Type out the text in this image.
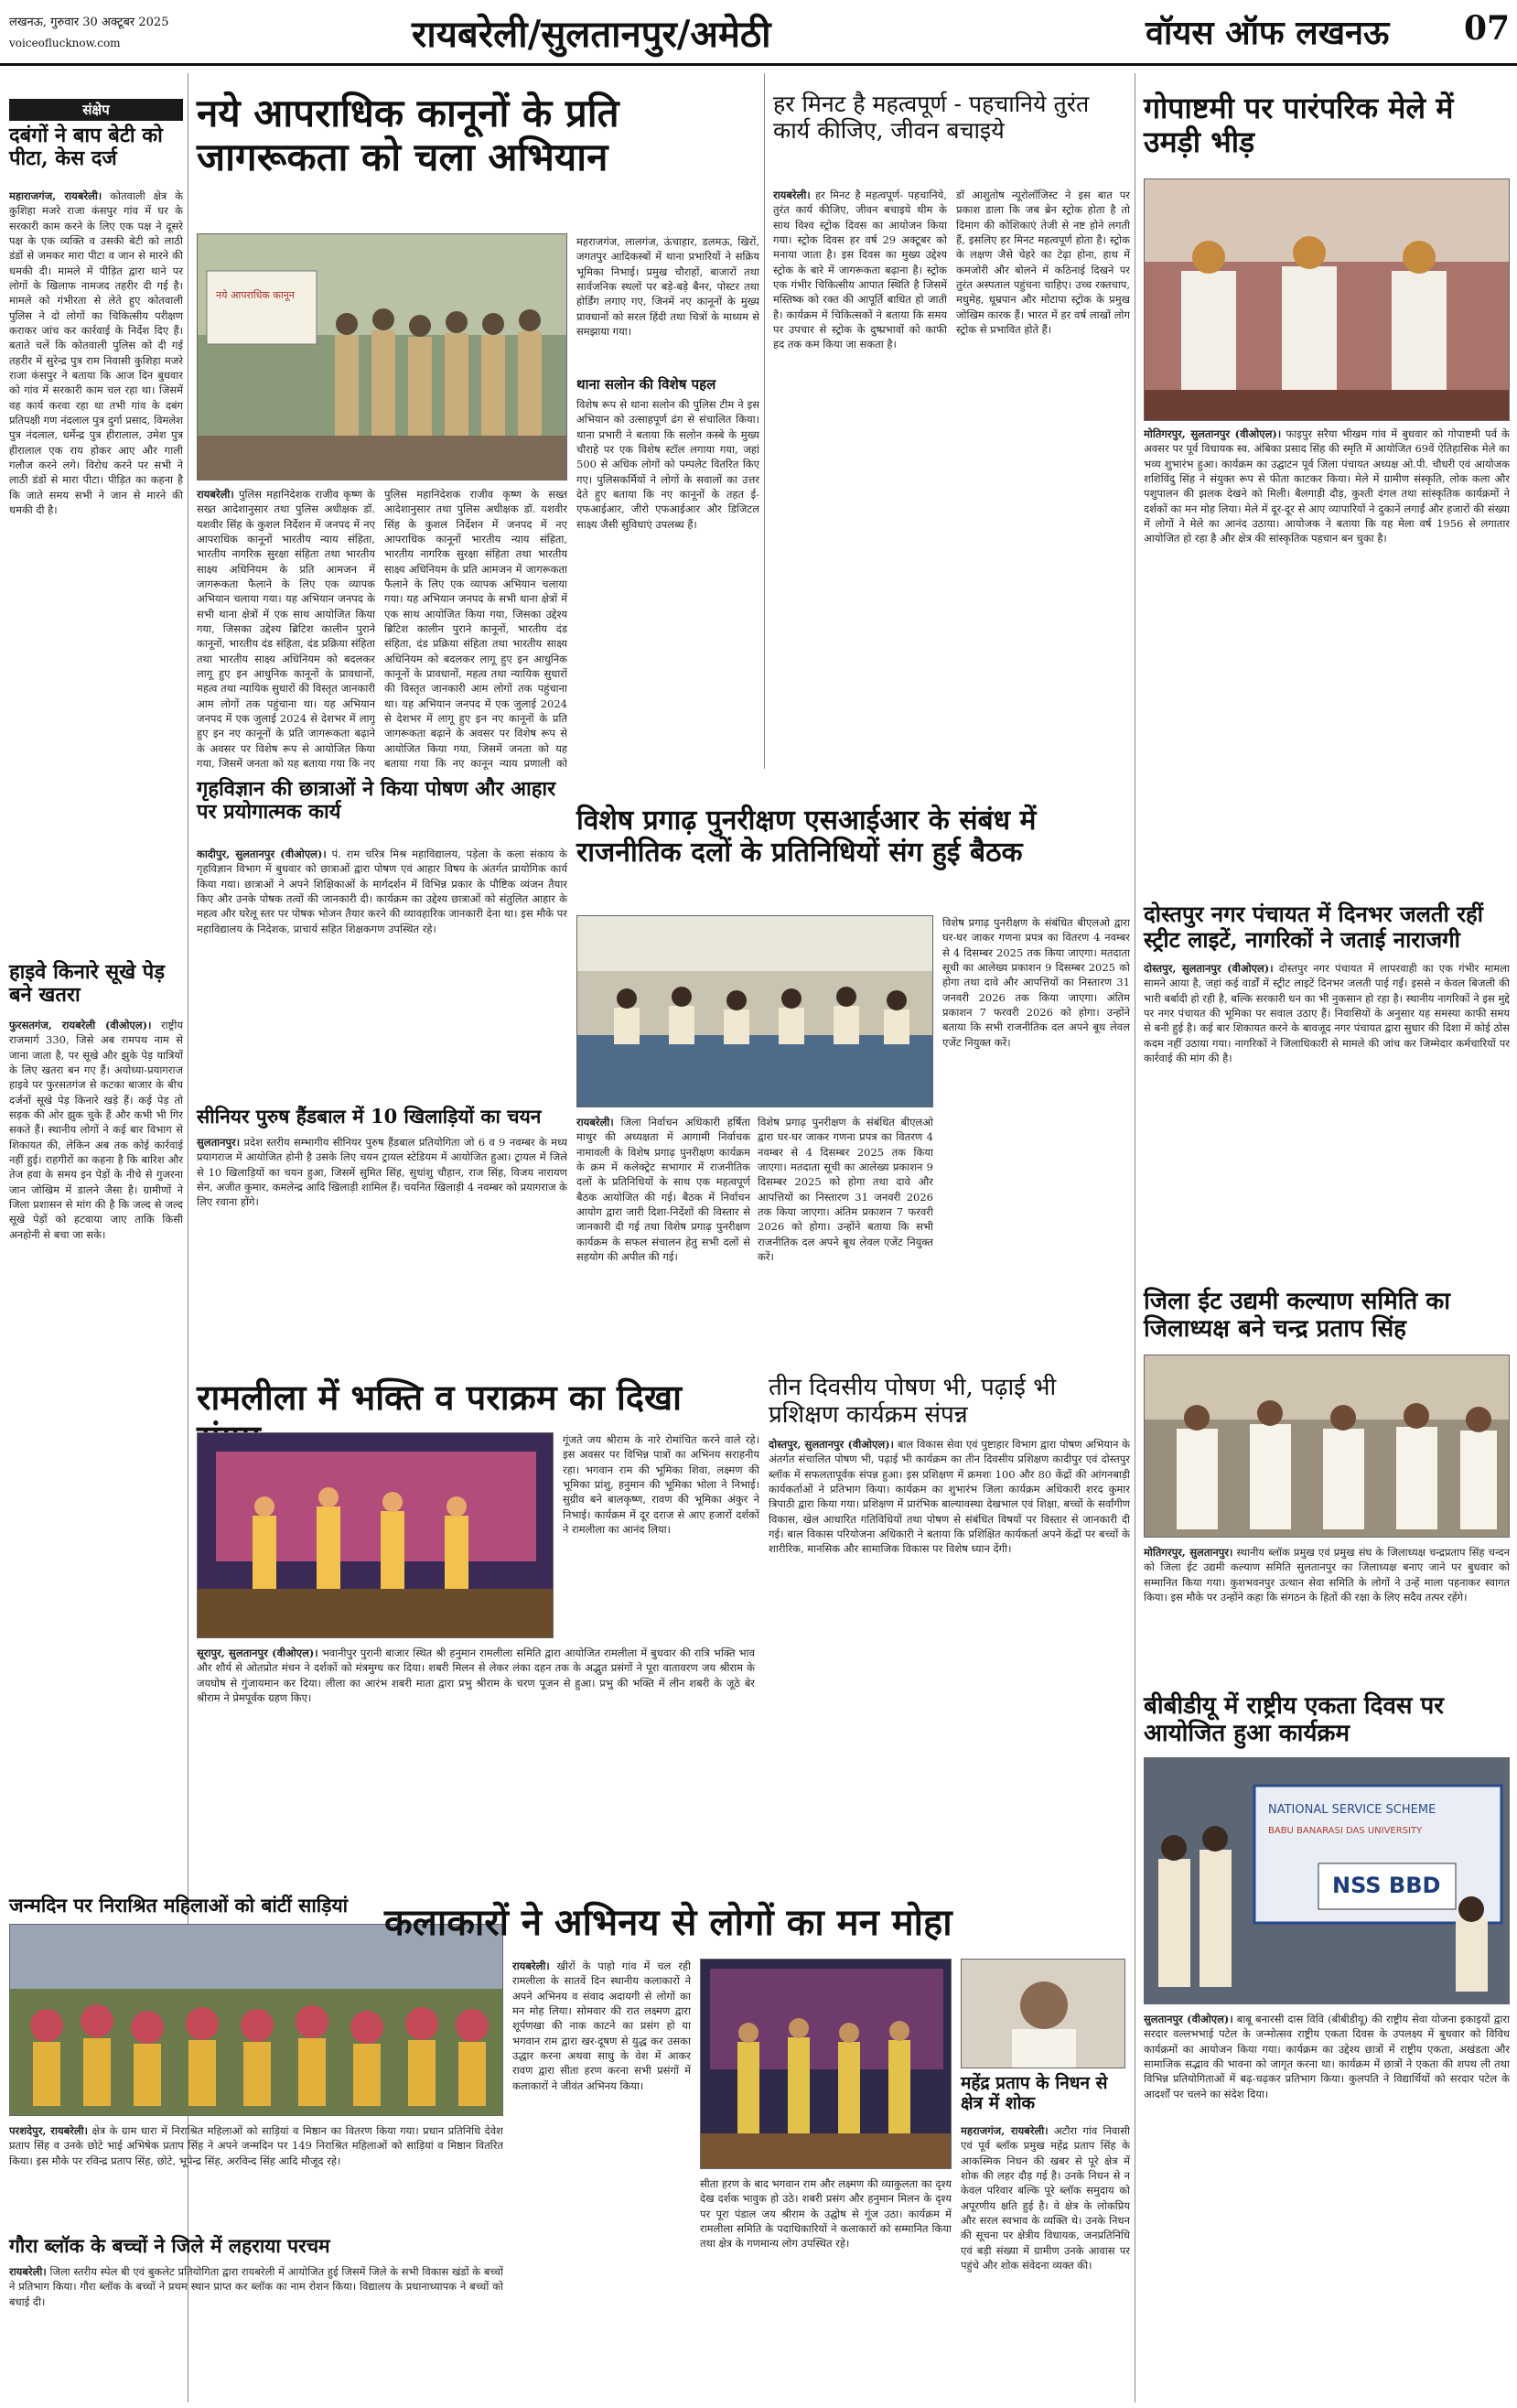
लखनऊ, गुरुवार 30 अक्टूबर 2025
voiceoflucknow.com	रायबरेली/सुलतानपुर/अमेठी	वॉयस ऑफ लखनऊ 07
संक्षेप
दबंगों ने बाप बेटी को पीटा, केस दर्ज
महाराजगंज, रायबरेली। कोतवाली क्षेत्र के कुशिहा मजरे राजा कंसपुर गांव में घर के सरकारी काम करने के लिए एक पक्ष ने दूसरे पक्ष के एक व्यक्ति व उसकी बेटी को लाठी डंडों से जमकर मारा पीटा व जान से मारने की धमकी दी। मामले में पीड़ित द्वारा थाने पर लोगों के खिलाफ नामजद तहरीर दी गई है। मामले को गंभीरता से लेते हुए कोतवाली पुलिस ने दो लोगों का चिकित्सीय परीक्षण कराकर जांच कर कार्रवाई के निर्देश दिए हैं। बताते चलें कि कोतवाली पुलिस को दी गई तहरीर में सुरेन्द्र पुत्र राम निवासी कुशिहा मजरे राजा कंसपुर ने बताया कि आज दिन बुधवार को गांव में सरकारी काम चल रहा था। जिसमें वह कार्य करवा रहा था तभी गांव के दबंग प्रतिपक्षी गण नंदलाल पुत्र दुर्गा प्रसाद, विमलेश पुत्र नंदलाल, धर्मेन्द्र पुत्र हीरालाल, उमेश पुत्र हीरालाल एक राय होकर आए और गाली गलौज करने लगे। विरोध करने पर सभी ने लाठी डंडों से मारा पीटा। पीड़ित का कहना है कि जाते समय सभी ने जान से मारने की धमकी दी है।
हाइवे किनारे सूखे पेड़ बने खतरा
फुरसतगंज, रायबरेली (वीओएल)। राष्ट्रीय राजमार्ग 330, जिसे अब रामपथ नाम से जाना जाता है, पर सूखे और झुके पेड़ यात्रियों के लिए खतरा बन गए हैं। अयोध्या-प्रयागराज हाइवे पर फुरसतगंज से कटका बाजार के बीच दर्जनों सूखे पेड़ किनारे खड़े हैं। कई पेड़ तो सड़क की ओर झुक चुके हैं और कभी भी गिर सकते हैं। स्थानीय लोगों ने कई बार विभाग से शिकायत की, लेकिन अब तक कोई कार्रवाई नहीं हुई। राहगीरों का कहना है कि बारिश और तेज हवा के समय इन पेड़ों के नीचे से गुजरना जान जोखिम में डालने जैसा है। ग्रामीणों ने जिला प्रशासन से मांग की है कि जल्द से जल्द सूखे पेड़ों को हटवाया जाए ताकि किसी अनहोनी से बचा जा सके।
जन्मदिन पर निराश्रित महिलाओं को बांटीं साड़ियां
परशदेपुर, रायबरेली। क्षेत्र के ग्राम धारा में निराश्रित महिलाओं को साड़ियां व मिष्ठान का वितरण किया गया। प्रधान प्रतिनिधि देवेश प्रताप सिंह व उनके छोटे भाई अभिषेक प्रताप सिंह ने अपने जन्मदिन पर 149 निराश्रित महिलाओं को साड़ियां व मिष्ठान वितरित किया। इस मौके पर रविन्द्र प्रताप सिंह, छोटे, भूपेन्द्र सिंह, अरविन्द सिंह आदि मौजूद रहे।
गौरा ब्लॉक के बच्चों ने जिले में लहराया परचम
रायबरेली। जिला स्तरीय स्पेल बी एवं बुकलेट प्रतियोगिता द्वारा रायबरेली में आयोजित हुई जिसमें जिले के सभी विकास खंडों के बच्चों ने प्रतिभाग किया। गौरा ब्लॉक के बच्चों ने प्रथम स्थान प्राप्त कर ब्लॉक का नाम रोशन किया। विद्यालय के प्रधानाध्यापक ने बच्चों को बधाई दी।
नये आपराधिक कानूनों के प्रति जागरूकता को चला अभियान
नये आपराधिक कानून
रायबरेली। पुलिस महानिदेशक राजीव कृष्ण के सख्त आदेशानुसार तथा पुलिस अधीक्षक डॉ. यशवीर सिंह के कुशल निर्देशन में जनपद में नए आपराधिक कानूनों भारतीय न्याय संहिता, भारतीय नागरिक सुरक्षा संहिता तथा भारतीय साक्ष्य अधिनियम के प्रति आमजन में जागरूकता फैलाने के लिए एक व्यापक अभियान चलाया गया। यह अभियान जनपद के सभी थाना क्षेत्रों में एक साथ आयोजित किया गया, जिसका उद्देश्य ब्रिटिश कालीन पुराने कानूनों, भारतीय दंड संहिता, दंड प्रक्रिया संहिता तथा भारतीय साक्ष्य अधिनियम को बदलकर लागू हुए इन आधुनिक कानूनों के प्रावधानों, महत्व तथा न्यायिक सुधारों की विस्तृत जानकारी आम लोगों तक पहुंचाना था। यह अभियान जनपद में एक जुलाई 2024 से देशभर में लागू हुए इन नए कानूनों के प्रति जागरूकता बढ़ाने के अवसर पर विशेष रूप से आयोजित किया गया, जिसमें जनता को यह बताया गया कि नए
पुलिस महानिदेशक राजीव कृष्ण के सख्त आदेशानुसार तथा पुलिस अधीक्षक डॉ. यशवीर सिंह के कुशल निर्देशन में जनपद में नए आपराधिक कानूनों भारतीय न्याय संहिता, भारतीय नागरिक सुरक्षा संहिता तथा भारतीय साक्ष्य अधिनियम के प्रति आमजन में जागरूकता फैलाने के लिए एक व्यापक अभियान चलाया गया। यह अभियान जनपद के सभी थाना क्षेत्रों में एक साथ आयोजित किया गया, जिसका उद्देश्य ब्रिटिश कालीन पुराने कानूनों, भारतीय दंड संहिता, दंड प्रक्रिया संहिता तथा भारतीय साक्ष्य अधिनियम को बदलकर लागू हुए इन आधुनिक कानूनों के प्रावधानों, महत्व तथा न्यायिक सुधारों की विस्तृत जानकारी आम लोगों तक पहुंचाना था। यह अभियान जनपद में एक जुलाई 2024 से देशभर में लागू हुए इन नए कानूनों के प्रति जागरूकता बढ़ाने के अवसर पर विशेष रूप से आयोजित किया गया, जिसमें जनता को यह बताया गया कि नए कानून न्याय प्रणाली को
महराजगंज, लालगंज, ऊंचाहार, डलमऊ, खिरों, जगतपुर आदिकस्बों में थाना प्रभारियों ने सक्रिय भूमिका निभाई। प्रमुख चौराहों, बाजारों तथा सार्वजनिक स्थलों पर बड़े-बड़े बैनर, पोस्टर तथा होर्डिंग लगाए गए, जिनमें नए कानूनों के मुख्य प्रावधानों को सरल हिंदी तथा चित्रों के माध्यम से समझाया गया।
थाना सलोन की विशेष पहल
विशेष रूप से थाना सलोन की पुलिस टीम ने इस अभियान को उत्साहपूर्ण ढंग से संचालित किया। थाना प्रभारी ने बताया कि सलोन कस्बे के मुख्य चौराहे पर एक विशेष स्टॉल लगाया गया, जहां 500 से अधिक लोगों को पम्पलेट वितरित किए गए। पुलिसकर्मियों ने लोगों के सवालों का उत्तर देते हुए बताया कि नए कानूनों के तहत ई-एफआईआर, जीरो एफआईआर और डिजिटल साक्ष्य जैसी सुविधाएं उपलब्ध हैं।
हर मिनट है महत्वपूर्ण - पहचानिये तुरंत कार्य कीजिए, जीवन बचाइये
रायबरेली। हर मिनट है महत्वपूर्ण- पहचानिये, तुरंत कार्य कीजिए, जीवन बचाइये थीम के साथ विश्व स्ट्रोक दिवस का आयोजन किया गया। स्ट्रोक दिवस हर वर्ष 29 अक्टूबर को मनाया जाता है। इस दिवस का मुख्य उद्देश्य स्ट्रोक के बारे में जागरूकता बढ़ाना है। स्ट्रोक एक गंभीर चिकित्सीय आपात स्थिति है जिसमें मस्तिष्क को रक्त की आपूर्ति बाधित हो जाती है। कार्यक्रम में चिकित्सकों ने बताया कि समय पर उपचार से स्ट्रोक के दुष्प्रभावों को काफी हद तक कम किया जा सकता है।
डॉ आशुतोष न्यूरोलॉजिस्ट ने इस बात पर प्रकाश डाला कि जब ब्रेन स्ट्रोक होता है तो दिमाग की कोशिकाएं तेजी से नष्ट होने लगती हैं, इसलिए हर मिनट महत्वपूर्ण होता है। स्ट्रोक के लक्षण जैसे चेहरे का टेढ़ा होना, हाथ में कमजोरी और बोलने में कठिनाई दिखने पर तुरंत अस्पताल पहुंचना चाहिए। उच्च रक्तचाप, मधुमेह, धूम्रपान और मोटापा स्ट्रोक के प्रमुख जोखिम कारक हैं। भारत में हर वर्ष लाखों लोग स्ट्रोक से प्रभावित होते हैं।
गृहविज्ञान की छात्राओं ने किया पोषण और आहार पर प्रयोगात्मक कार्य
कादीपुर, सुलतानपुर (वीओएल)। पं. राम चरित्र मिश्र महाविद्यालय, पड़ेला के कला संकाय के गृहविज्ञान विभाग में बुधवार को छात्राओं द्वारा पोषण एवं आहार विषय के अंतर्गत प्रायोगिक कार्य किया गया। छात्राओं ने अपने शिक्षिकाओं के मार्गदर्शन में विभिन्न प्रकार के पौष्टिक व्यंजन तैयार किए और उनके पोषक तत्वों की जानकारी दी। कार्यक्रम का उद्देश्य छात्राओं को संतुलित आहार के महत्व और घरेलू स्तर पर पोषक भोजन तैयार करने की व्यावहारिक जानकारी देना था। इस मौके पर महाविद्यालय के निदेशक, प्राचार्य सहित शिक्षकगण उपस्थित रहे।
सीनियर पुरुष हैंडबाल में 10 खिलाड़ियों का चयन
सुलतानपुर। प्रदेश स्तरीय सम्भागीय सीनियर पुरुष हैंडबाल प्रतियोगिता जो 6 व 9 नवम्बर के मध्य प्रयागराज में आयोजित होनी है उसके लिए चयन ट्रायल स्टेडियम में आयोजित हुआ। ट्रायल में जिले से 10 खिलाड़ियों का चयन हुआ, जिसमें सुमित सिंह, सुधांशु चौहान, राज सिंह, विजय नारायण सेन, अजीत कुमार, कमलेन्द्र आदि खिलाड़ी शामिल हैं। चयनित खिलाड़ी 4 नवम्बर को प्रयागराज के लिए रवाना होंगे।
विशेष प्रगाढ़ पुनरीक्षण एसआईआर के संबंध में राजनीतिक दलों के प्रतिनिधियों संग हुई बैठक
विशेष प्रगाढ़ पुनरीक्षण के संबंधित बीएलओ द्वारा घर-घर जाकर गणना प्रपत्र का वितरण 4 नवम्बर से 4 दिसम्बर 2025 तक किया जाएगा। मतदाता सूची का आलेख्य प्रकाशन 9 दिसम्बर 2025 को होगा तथा दावे और आपत्तियों का निस्तारण 31 जनवरी 2026 तक किया जाएगा। अंतिम प्रकाशन 7 फरवरी 2026 को होगा। उन्होंने बताया कि सभी राजनीतिक दल अपने बूथ लेवल एजेंट नियुक्त करें।
रायबरेली। जिला निर्वाचन अधिकारी हर्षिता माथुर की अध्यक्षता में आगामी निर्वाचक नामावली के विशेष प्रगाढ़ पुनरीक्षण कार्यक्रम के क्रम में कलेक्ट्रेट सभागार में राजनीतिक दलों के प्रतिनिधियों के साथ एक महत्वपूर्ण बैठक आयोजित की गई। बैठक में निर्वाचन आयोग द्वारा जारी दिशा-निर्देशों की विस्तार से जानकारी दी गई तथा विशेष प्रगाढ़ पुनरीक्षण कार्यक्रम के सफल संचालन हेतु सभी दलों से सहयोग की अपील की गई।
विशेष प्रगाढ़ पुनरीक्षण के संबंधित बीएलओ द्वारा घर-घर जाकर गणना प्रपत्र का वितरण 4 नवम्बर से 4 दिसम्बर 2025 तक किया जाएगा। मतदाता सूची का आलेख्य प्रकाशन 9 दिसम्बर 2025 को होगा तथा दावे और आपत्तियों का निस्तारण 31 जनवरी 2026 तक किया जाएगा। अंतिम प्रकाशन 7 फरवरी 2026 को होगा। उन्होंने बताया कि सभी राजनीतिक दल अपने बूथ लेवल एजेंट नियुक्त करें।
रामलीला में भक्ति व पराक्रम का दिखा
गूंजते जय श्रीराम के नारे रोमांचित करने वाले रहे। इस अवसर पर विभिन्न पात्रों का अभिनय सराहनीय रहा। भगवान राम की भूमिका शिवा, लक्ष्मण की भूमिका प्रांशु, हनुमान की भूमिका भोला ने निभाई। सुग्रीव बने बालकृष्ण, रावण की भूमिका अंकुर ने निभाई। कार्यक्रम में दूर दराज से आए हजारों दर्शकों ने रामलीला का आनंद लिया।
सूरापुर, सुलतानपुर (वीओएल)। भवानीपुर पुरानी बाजार स्थित श्री हनुमान रामलीला समिति द्वारा आयोजित रामलीला में बुधवार की रात्रि भक्ति भाव और शौर्य से ओतप्रोत मंचन ने दर्शकों को मंत्रमुग्ध कर दिया। शबरी मिलन से लेकर लंका दहन तक के अद्भुत प्रसंगों ने पूरा वातावरण जय श्रीराम के जयघोष से गुंजायमान कर दिया। लीला का आरंभ शबरी माता द्वारा प्रभु श्रीराम के चरण पूजन से हुआ। प्रभु की भक्ति में लीन शबरी के जूठे बेर श्रीराम ने प्रेमपूर्वक ग्रहण किए।
तीन दिवसीय पोषण भी, पढ़ाई भी प्रशिक्षण कार्यक्रम संपन्न
दोस्तपुर, सुलतानपुर (वीओएल)। बाल विकास सेवा एवं पुष्टाहार विभाग द्वारा पोषण अभियान के अंतर्गत संचालित पोषण भी, पढ़ाई भी कार्यक्रम का तीन दिवसीय प्रशिक्षण कादीपुर एवं दोस्तपुर ब्लॉक में सफलतापूर्वक संपन्न हुआ। इस प्रशिक्षण में क्रमशः 100 और 80 केंद्रों की आंगनबाड़ी कार्यकर्ताओं ने प्रतिभाग किया। कार्यक्रम का शुभारंभ जिला कार्यक्रम अधिकारी शरद कुमार त्रिपाठी द्वारा किया गया। प्रशिक्षण में प्रारंभिक बाल्यावस्था देखभाल एवं शिक्षा, बच्चों के सर्वांगीण विकास, खेल आधारित गतिविधियों तथा पोषण से संबंधित विषयों पर विस्तार से जानकारी दी गई। बाल विकास परियोजना अधिकारी ने बताया कि प्रशिक्षित कार्यकर्ता अपने केंद्रों पर बच्चों के शारीरिक, मानसिक और सामाजिक विकास पर विशेष ध्यान देंगी।
कलाकारों ने अभिनय से लोगों का मन मोहा
रायबरेली। खीरों के पाहो गांव में चल रही रामलीला के सातवें दिन स्थानीय कलाकारों ने अपने अभिनय व संवाद अदायगी से लोगों का मन मोह लिया। सोमवार की रात लक्ष्मण द्वारा शूर्पणखा की नाक काटने का प्रसंग हो या भगवान राम द्वारा खर-दूषण से युद्ध कर उसका उद्धार करना अथवा साधु के वेश में आकर रावण द्वारा सीता हरण करना सभी प्रसंगों में कलाकारों ने जीवंत अभिनय किया।
सीता हरण के बाद भगवान राम और लक्ष्मण की व्याकुलता का दृश्य देख दर्शक भावुक हो उठे। शबरी प्रसंग और हनुमान मिलन के दृश्य पर पूरा पंडाल जय श्रीराम के उद्घोष से गूंज उठा। कार्यक्रम में रामलीला समिति के पदाधिकारियों ने कलाकारों को सम्मानित किया तथा क्षेत्र के गणमान्य लोग उपस्थित रहे।
महेंद्र प्रताप के निधन से क्षेत्र में शोक
महराजगंज, रायबरेली। अटौरा गांव निवासी एवं पूर्व ब्लॉक प्रमुख महेंद्र प्रताप सिंह के आकस्मिक निधन की खबर से पूरे क्षेत्र में शोक की लहर दौड़ गई है। उनके निधन से न केवल परिवार बल्कि पूरे ब्लॉक समुदाय को अपूरणीय क्षति हुई है। वे क्षेत्र के लोकप्रिय और सरल स्वभाव के व्यक्ति थे। उनके निधन की सूचना पर क्षेत्रीय विधायक, जनप्रतिनिधि एवं बड़ी संख्या में ग्रामीण उनके आवास पर पहुंचे और शोक संवेदना व्यक्त की।
गोपाष्टमी पर पारंपरिक मेले में उमड़ी भीड़
मोतिगरपुर, सुलतानपुर (वीओएल)। फाइपुर सरैया भीखम गांव में बुधवार को गोपाष्टमी पर्व के अवसर पर पूर्व विधायक स्व. अंबिका प्रसाद सिंह की स्मृति में आयोजित 69वें ऐतिहासिक मेले का भव्य शुभारंभ हुआ। कार्यक्रम का उद्घाटन पूर्व जिला पंचायत अध्यक्ष ओ.पी. चौधरी एवं आयोजक शशिविंदु सिंह ने संयुक्त रूप से फीता काटकर किया। मेले में ग्रामीण संस्कृति, लोक कला और पशुपालन की झलक देखने को मिली। बैलगाड़ी दौड़, कुश्ती दंगल तथा सांस्कृतिक कार्यक्रमों ने दर्शकों का मन मोह लिया। मेले में दूर-दूर से आए व्यापारियों ने दुकानें लगाईं और हजारों की संख्या में लोगों ने मेले का आनंद उठाया। आयोजक ने बताया कि यह मेला वर्ष 1956 से लगातार आयोजित हो रहा है और क्षेत्र की सांस्कृतिक पहचान बन चुका है।
दोस्तपुर नगर पंचायत में दिनभर जलती रहीं स्ट्रीट लाइटें, नागरिकों ने जताई नाराजगी
दोस्तपुर, सुलतानपुर (वीओएल)। दोस्तपुर नगर पंचायत में लापरवाही का एक गंभीर मामला सामने आया है, जहां कई वार्डों में स्ट्रीट लाइटें दिनभर जलती पाई गईं। इससे न केवल बिजली की भारी बर्बादी हो रही है, बल्कि सरकारी धन का भी नुकसान हो रहा है। स्थानीय नागरिकों ने इस मुद्दे पर नगर पंचायत की भूमिका पर सवाल उठाए हैं। निवासियों के अनुसार यह समस्या काफी समय से बनी हुई है। कई बार शिकायत करने के बावजूद नगर पंचायत द्वारा सुधार की दिशा में कोई ठोस कदम नहीं उठाया गया। नागरिकों ने जिलाधिकारी से मामले की जांच कर जिम्मेदार कर्मचारियों पर कार्रवाई की मांग की है।
जिला ईट उद्यमी कल्याण समिति का जिलाध्यक्ष बने चन्द्र प्रताप सिंह
मोतिगरपुर, सुलतानपुर। स्थानीय ब्लॉक प्रमुख एवं प्रमुख संघ के जिलाध्यक्ष चन्द्रप्रताप सिंह चन्दन को जिला ईट उद्यमी कल्याण समिति सुलतानपुर का जिलाध्यक्ष बनाए जाने पर बुधवार को सम्मानित किया गया। कुशभवनपुर उत्थान सेवा समिति के लोगों ने उन्हें माला पहनाकर स्वागत किया। इस मौके पर उन्होंने कहा कि संगठन के हितों की रक्षा के लिए सदैव तत्पर रहेंगे।
बीबीडीयू में राष्ट्रीय एकता दिवस पर आयोजित हुआ कार्यक्रम
NATIONAL SERVICE SCHEME
BABU BANARASI DAS UNIVERSITY
NSS BBD
सुलतानपुर (वीओएल)। बाबू बनारसी दास विवि (बीबीडीयू) की राष्ट्रीय सेवा योजना इकाइयों द्वारा सरदार वल्लभभाई पटेल के जन्मोत्सव राष्ट्रीय एकता दिवस के उपलक्ष्य में बुधवार को विविध कार्यक्रमों का आयोजन किया गया। कार्यक्रम का उद्देश्य छात्रों में राष्ट्रीय एकता, अखंडता और सामाजिक सद्भाव की भावना को जागृत करना था। कार्यक्रम में छात्रों ने एकता की शपथ ली तथा विभिन्न प्रतियोगिताओं में बढ़-चढ़कर प्रतिभाग किया। कुलपति ने विद्यार्थियों को सरदार पटेल के आदर्शों पर चलने का संदेश दिया।
